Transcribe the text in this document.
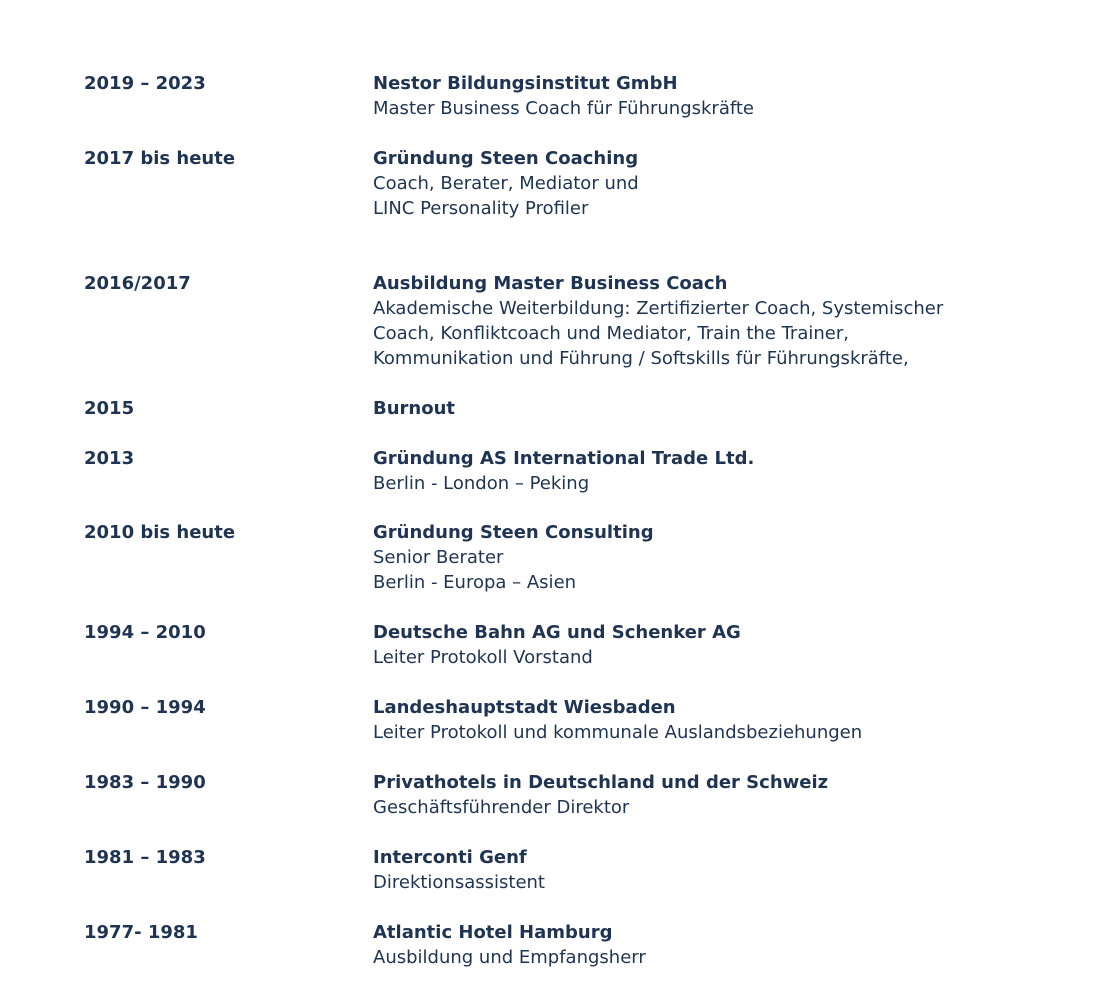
2019 – 2023	Nestor Bildungsinstitut GmbH
Master Business Coach für Führungskräfte
2017 bis heute	Gründung Steen Coaching
Coach, Berater, Mediator und
LINC Personality Profiler
2016/2017	Ausbildung Master Business Coach
Akademische Weiterbildung: Zertifizierter Coach, Systemischer
Coach, Konfliktcoach und Mediator, Train the Trainer,
Kommunikation und Führung / Softskills für Führungskräfte,
2015	Burnout
2013	Gründung AS International Trade Ltd.
Berlin - London – Peking
2010 bis heute	Gründung Steen Consulting
Senior Berater
Berlin - Europa – Asien
1994 – 2010	Deutsche Bahn AG und Schenker AG
Leiter Protokoll Vorstand
1990 – 1994	Landeshauptstadt Wiesbaden
Leiter Protokoll und kommunale Auslandsbeziehungen
1983 – 1990	Privathotels in Deutschland und der Schweiz
Geschäftsführender Direktor
1981 – 1983	Interconti Genf
Direktionsassistent
1977- 1981	Atlantic Hotel Hamburg
Ausbildung und Empfangsherr
